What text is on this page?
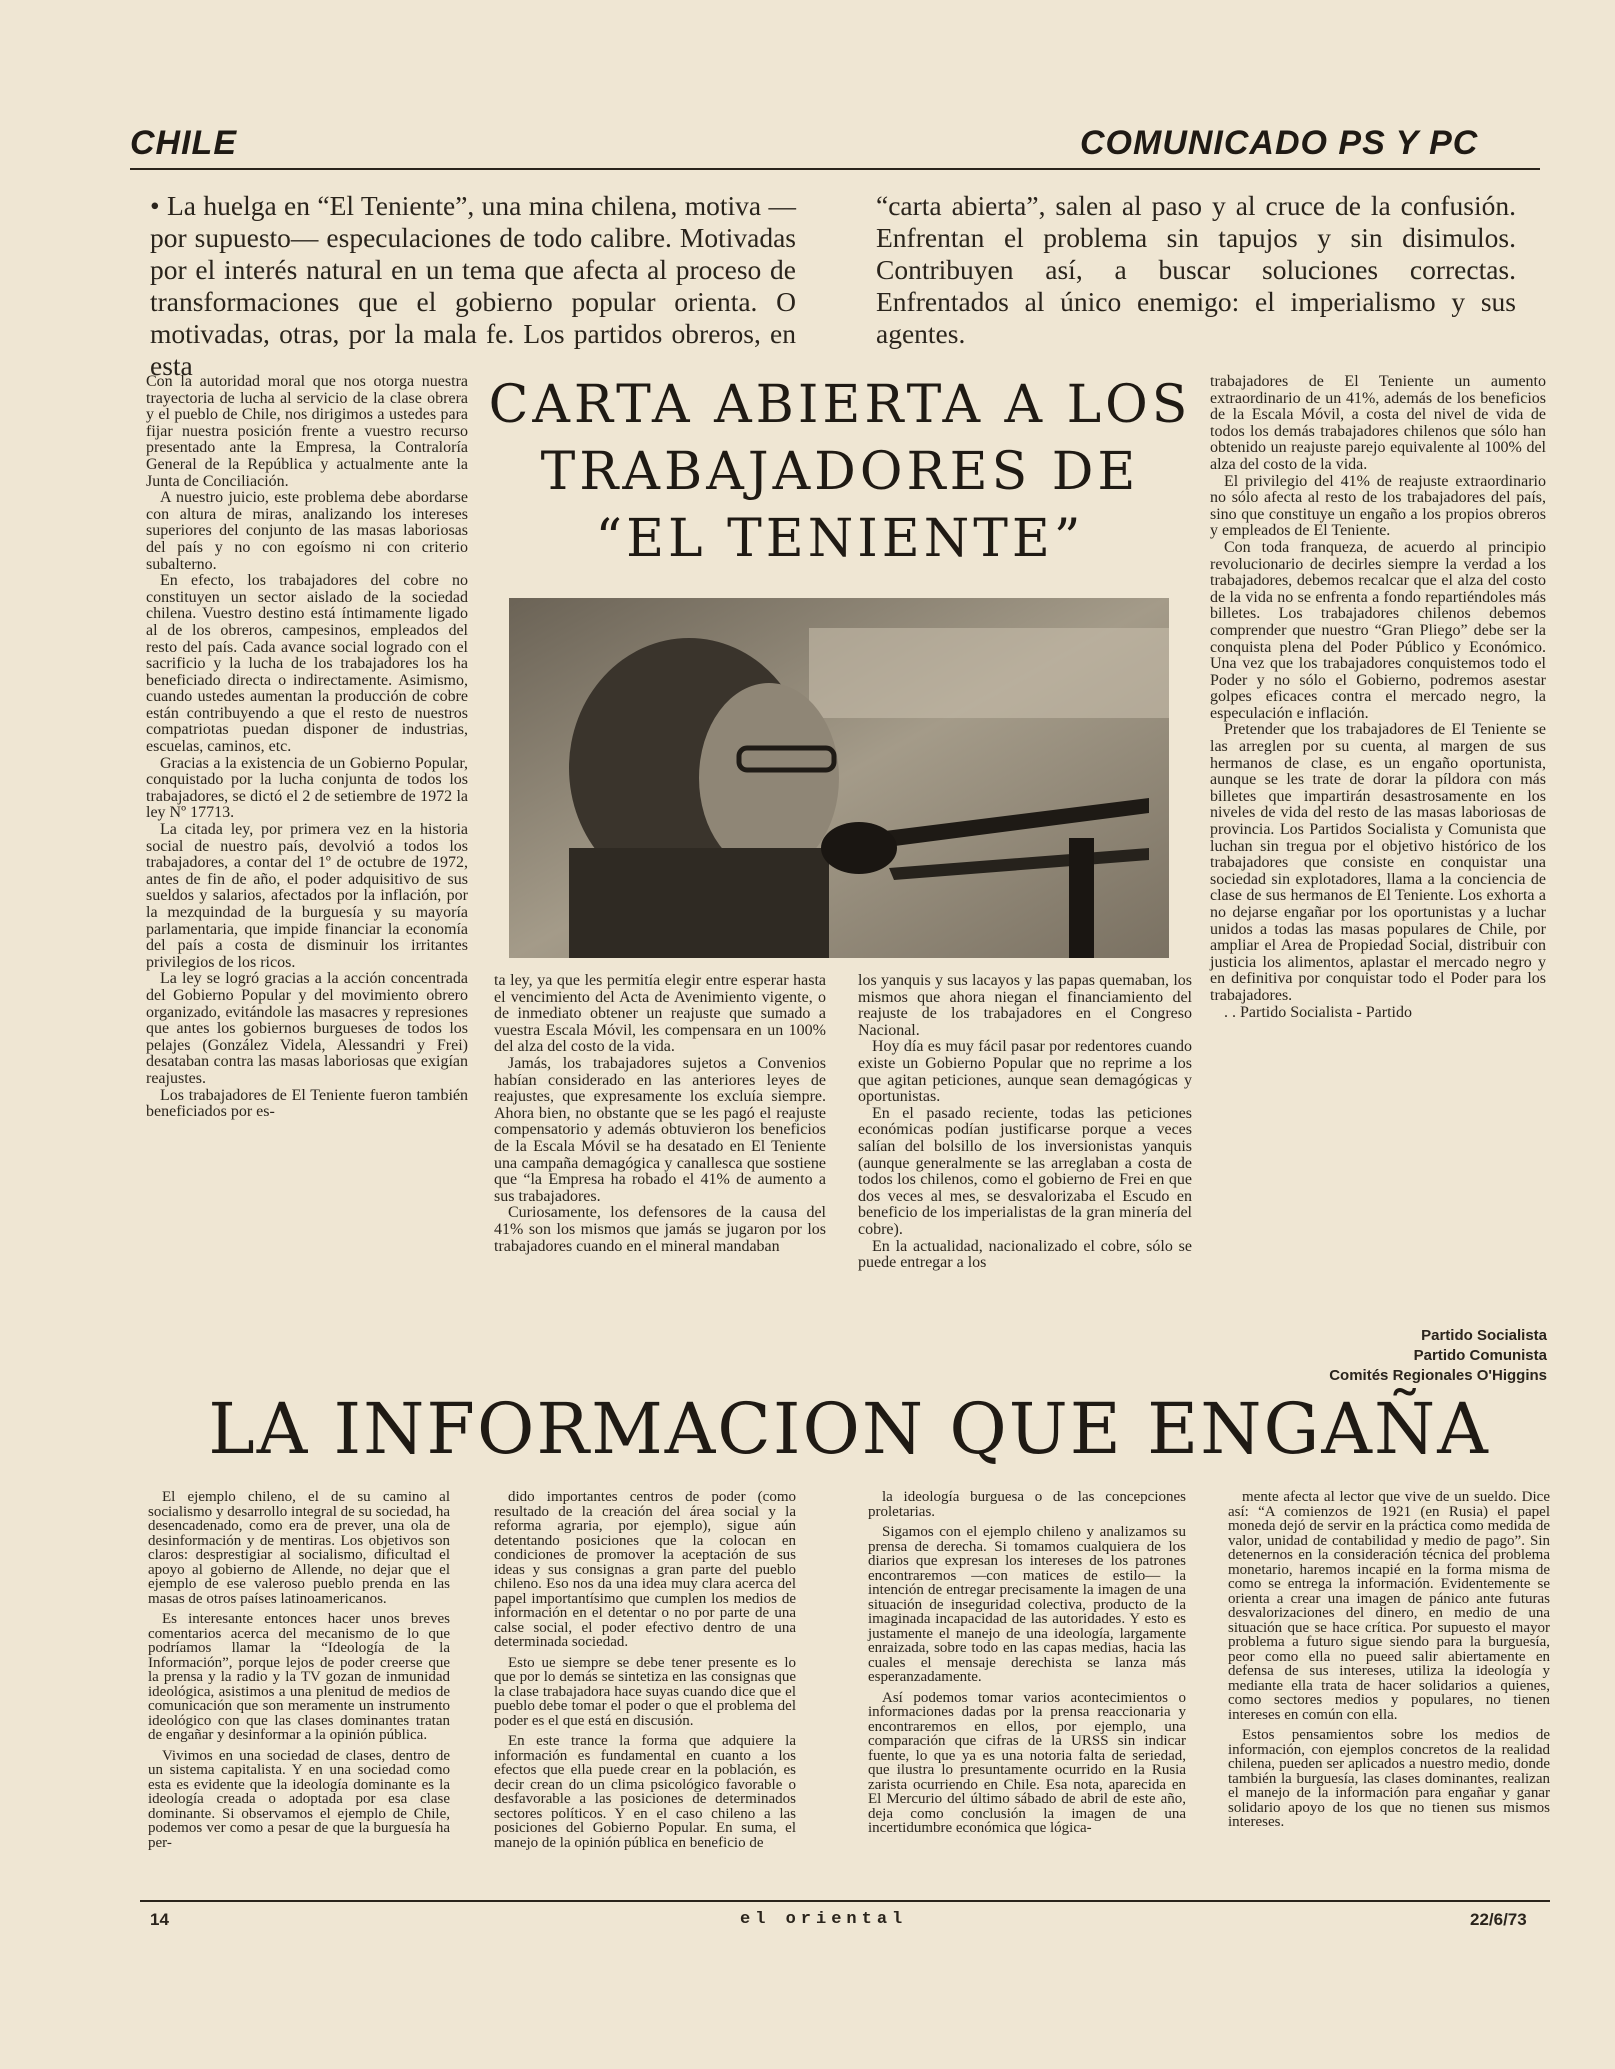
CHILE	COMUNICADO PS Y PC
• La huelga en “El Teniente”, una mina chilena, motiva —por supuesto— especulaciones de todo calibre. Motivadas por el interés natural en un tema que afecta al proceso de transformaciones que el gobierno popular orienta. O motivadas, otras, por la mala fe. Los partidos obreros, en esta
“carta abierta”, salen al paso y al cruce de la confusión. Enfrentan el problema sin tapujos y sin disimulos. Contribuyen así, a buscar soluciones correctas. Enfrentados al único enemigo: el imperialismo y sus agentes.
CARTA ABIERTA A LOS
TRABAJADORES DE
“EL TENIENTE”

Con la autoridad moral que nos otorga nuestra trayectoria de lucha al servicio de la clase obrera y el pueblo de Chile, nos dirigimos a ustedes para fijar nuestra posición frente a vuestro recurso presentado ante la Empresa, la Contraloría General de la República y actualmente ante la Junta de Conciliación.

A nuestro juicio, este problema debe abordarse con altura de miras, analizando los intereses superiores del conjunto de las masas laboriosas del país y no con egoísmo ni con criterio subalterno.

En efecto, los trabajadores del cobre no constituyen un sector aislado de la sociedad chilena. Vuestro destino está íntimamente ligado al de los obreros, campesinos, empleados del resto del país. Cada avance social logrado con el sacrificio y la lucha de los trabajadores los ha beneficiado directa o indirectamente. Asimismo, cuando ustedes aumentan la producción de cobre están contribuyendo a que el resto de nuestros compatriotas puedan disponer de industrias, escuelas, caminos, etc.

Gracias a la existencia de un Gobierno Popular, conquistado por la lucha conjunta de todos los trabajadores, se dictó el 2 de setiembre de 1972 la ley Nº 17713.

La citada ley, por primera vez en la historia social de nuestro país, devolvió a todos los trabajadores, a contar del 1º de octubre de 1972, antes de fin de año, el poder adquisitivo de sus sueldos y salarios, afectados por la inflación, por la mezquindad de la burguesía y su mayoría parlamentaria, que impide financiar la economía del país a costa de disminuir los irritantes privilegios de los ricos.

La ley se logró gracias a la acción concentrada del Gobierno Popular y del movimiento obrero organizado, evitándole las masacres y represiones que antes los gobiernos burgueses de todos los pelajes (González Videla, Alessandri y Frei) desataban contra las masas laboriosas que exigían reajustes.

Los trabajadores de El Teniente fueron también beneficiados por es-

ta ley, ya que les permitía elegir entre esperar hasta el vencimiento del Acta de Avenimiento vigente, o de inmediato obtener un reajuste que sumado a vuestra Escala Móvil, les compensara en un 100% del alza del costo de la vida.

Jamás, los trabajadores sujetos a Convenios habían considerado en las anteriores leyes de reajustes, que expresamente los excluía siempre. Ahora bien, no obstante que se les pagó el reajuste compensatorio y además obtuvieron los beneficios de la Escala Móvil se ha desatado en El Teniente una campaña demagógica y canallesca que sostiene que “la Empresa ha robado el 41% de aumento a sus trabajadores.

Curiosamente, los defensores de la causa del 41% son los mismos que jamás se jugaron por los trabajadores cuando en el mineral mandaban

los yanquis y sus lacayos y las papas quemaban, los mismos que ahora niegan el financiamiento del reajuste de los trabajadores en el Congreso Nacional.

Hoy día es muy fácil pasar por redentores cuando existe un Gobierno Popular que no reprime a los que agitan peticiones, aunque sean demagógicas y oportunistas.

En el pasado reciente, todas las peticiones económicas podían justificarse porque a veces salían del bolsillo de los inversionistas yanquis (aunque generalmente se las arreglaban a costa de todos los chilenos, como el gobierno de Frei en que dos veces al mes, se desvalorizaba el Escudo en beneficio de los imperialistas de la gran minería del cobre).

En la actualidad, nacionalizado el cobre, sólo se puede entregar a los

trabajadores de El Teniente un aumento extraordinario de un 41%, además de los beneficios de la Escala Móvil, a costa del nivel de vida de todos los demás trabajadores chilenos que sólo han obtenido un reajuste parejo equivalente al 100% del alza del costo de la vida.

El privilegio del 41% de reajuste extraordinario no sólo afecta al resto de los trabajadores del país, sino que constituye un engaño a los propios obreros y empleados de El Teniente.

Con toda franqueza, de acuerdo al principio revolucionario de decirles siempre la verdad a los trabajadores, debemos recalcar que el alza del costo de la vida no se enfrenta a fondo repartiéndoles más billetes. Los trabajadores chilenos debemos comprender que nuestro “Gran Pliego” debe ser la conquista plena del Poder Público y Económico. Una vez que los trabajadores conquistemos todo el Poder y no sólo el Gobierno, podremos asestar golpes eficaces contra el mercado negro, la especulación e inflación.

Pretender que los trabajadores de El Teniente se las arreglen por su cuenta, al margen de sus hermanos de clase, es un engaño oportunista, aunque se les trate de dorar la píldora con más billetes que impartirán desastrosamente en los niveles de vida del resto de las masas laboriosas de provincia. Los Partidos Socialista y Comunista que luchan sin tregua por el objetivo histórico de los trabajadores que consiste en conquistar una sociedad sin explotadores, llama a la conciencia de clase de sus hermanos de El Teniente. Los exhorta a no dejarse engañar por los oportunistas y a luchar unidos a todas las masas populares de Chile, por ampliar el Area de Propiedad Social, distribuir con justicia los alimentos, aplastar el mercado negro y en definitiva por conquistar todo el Poder para los trabajadores.

. . Partido Socialista - Partido

Partido Socialista
Partido Comunista
Comités Regionales O'Higgins
LA INFORMACION QUE ENGAÑA

El ejemplo chileno, el de su camino al socialismo y desarrollo integral de su sociedad, ha desencadenado, como era de prever, una ola de desinformación y de mentiras. Los objetivos son claros: desprestigiar al socialismo, dificultad el apoyo al gobierno de Allende, no dejar que el ejemplo de ese valeroso pueblo prenda en las masas de otros países latinoamericanos.

Es interesante entonces hacer unos breves comentarios acerca del mecanismo de lo que podríamos llamar la “Ideología de la Información”, porque lejos de poder creerse que la prensa y la radio y la TV gozan de inmunidad ideológica, asistimos a una plenitud de medios de comunicación que son meramente un instrumento ideológico con que las clases dominantes tratan de engañar y desinformar a la opinión pública.

Vivimos en una sociedad de clases, dentro de un sistema capitalista. Y en una sociedad como esta es evidente que la ideología dominante es la ideología creada o adoptada por esa clase dominante. Si observamos el ejemplo de Chile, podemos ver como a pesar de que la burguesía ha per-

dido importantes centros de poder (como resultado de la creación del área social y la reforma agraria, por ejemplo), sigue aún detentando posiciones que la colocan en condiciones de promover la aceptación de sus ideas y sus consignas a gran parte del pueblo chileno. Eso nos da una idea muy clara acerca del papel importantísimo que cumplen los medios de información en el detentar o no por parte de una calse social, el poder efectivo dentro de una determinada sociedad.

Esto ue siempre se debe tener presente es lo que por lo demás se sintetiza en las consignas que la clase trabajadora hace suyas cuando dice que el pueblo debe tomar el poder o que el problema del poder es el que está en discusión.

En este trance la forma que adquiere la información es fundamental en cuanto a los efectos que ella puede crear en la población, es decir crean do un clima psicológico favorable o desfavorable a las posiciones de determinados sectores políticos. Y en el caso chileno a las posiciones del Gobierno Popular. En suma, el manejo de la opinión pública en beneficio de

la ideología burguesa o de las concepciones proletarias.

Sigamos con el ejemplo chileno y analizamos su prensa de derecha. Si tomamos cualquiera de los diarios que expresan los intereses de los patrones encontraremos —con matices de estilo— la intención de entregar precisamente la imagen de una situación de inseguridad colectiva, producto de la imaginada incapacidad de las autoridades. Y esto es justamente el manejo de una ideología, largamente enraizada, sobre todo en las capas medias, hacia las cuales el mensaje derechista se lanza más esperanzadamente.

Así podemos tomar varios acontecimientos o informaciones dadas por la prensa reaccionaria y encontraremos en ellos, por ejemplo, una comparación que cifras de la URSS sin indicar fuente, lo que ya es una notoria falta de seriedad, que ilustra lo presuntamente ocurrido en la Rusia zarista ocurriendo en Chile. Esa nota, aparecida en El Mercurio del último sábado de abril de este año, deja como conclusión la imagen de una incertidumbre económica que lógica-

mente afecta al lector que vive de un sueldo. Dice así: “A comienzos de 1921 (en Rusia) el papel moneda dejó de servir en la práctica como medida de valor, unidad de contabilidad y medio de pago”. Sin detenernos en la consideración técnica del problema monetario, haremos incapié en la forma misma de como se entrega la información. Evidentemente se orienta a crear una imagen de pánico ante futuras desvalorizaciones del dinero, en medio de una situación que se hace crítica. Por supuesto el mayor problema a futuro sigue siendo para la burguesía, peor como ella no pueed salir abiertamente en defensa de sus intereses, utiliza la ideología y mediante ella trata de hacer solidarios a quienes, como sectores medios y populares, no tienen intereses en común con ella.

Estos pensamientos sobre los medios de información, con ejemplos concretos de la realidad chilena, pueden ser aplicados a nuestro medio, donde también la burguesía, las clases dominantes, realizan el manejo de la información para engañar y ganar solidario apoyo de los que no tienen sus mismos intereses.

14	el oriental	22/6/73
